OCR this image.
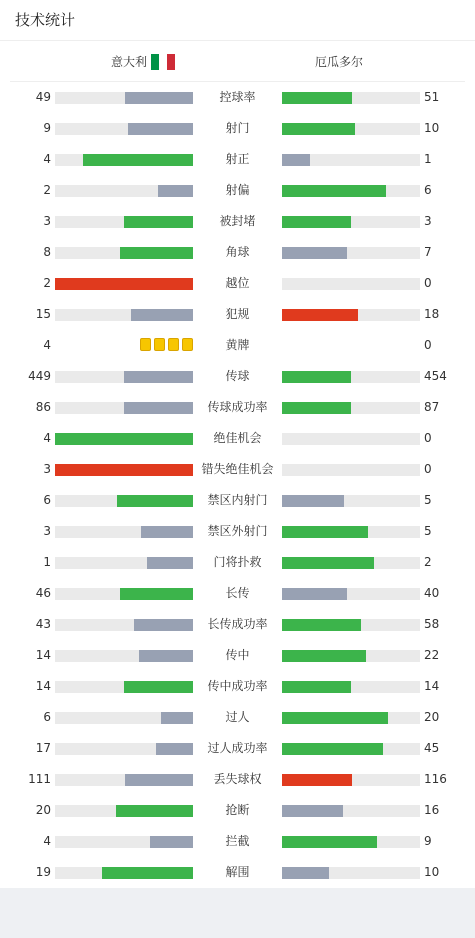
技术统计
意大利	厄瓜多尔
49	控球率	51
9	射门	10
4	射正	1
2	射偏	6
3	被封堵	3
8	角球	7
2	越位	0
15	犯规	18
4	黄牌	0
449	传球	454
86	传球成功率	87
4	绝佳机会	0
3	错失绝佳机会	0
6	禁区内射门	5
3	禁区外射门	5
1	门将扑救	2
46	长传	40
43	长传成功率	58
14	传中	22
14	传中成功率	14
6	过人	20
17	过人成功率	45
111	丢失球权	116
20	抢断	16
4	拦截	9
19	解围	10
